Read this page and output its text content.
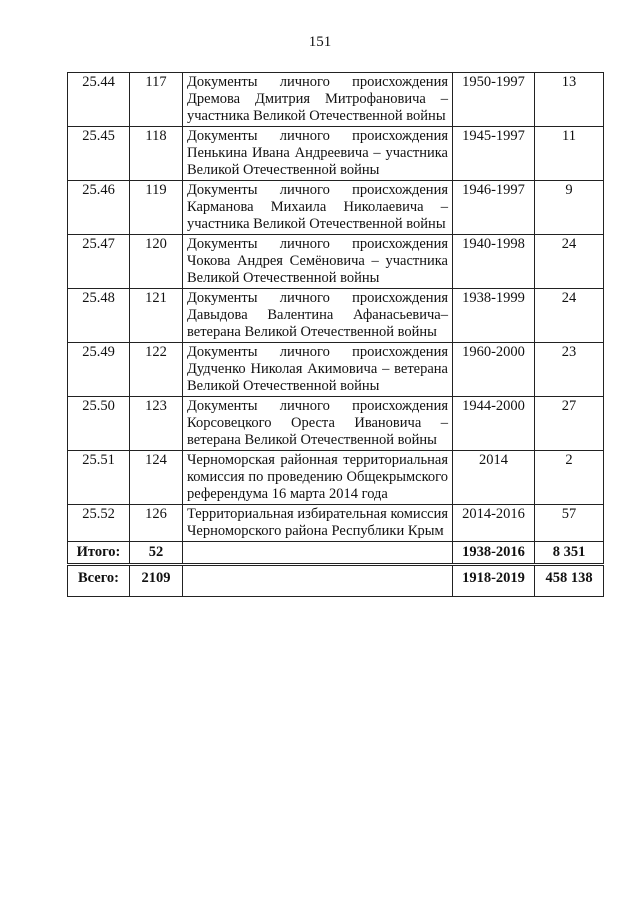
151
25.44	117	Документы личного происхождения Дремова Дмитрия Митрофановича – участника Великой Отечественной войны	1950-1997	13
25.45	118	Документы личного происхождения Пенькина Ивана Андреевича – участника Великой Отечественной войны	1945-1997	11
25.46	119	Документы личного происхождения Карманова Михаила Николаевича – участника Великой Отечественной войны	1946-1997	9
25.47	120	Документы личного происхождения Чокова Андрея Семёновича – участника Великой Отечественной войны	1940-1998	24
25.48	121	Документы личного происхождения Давыдова Валентина Афанасьевича– ветерана Великой Отечественной войны	1938-1999	24
25.49	122	Документы личного происхождения Дудченко Николая Акимовича – ветерана Великой Отечественной войны	1960-2000	23
25.50	123	Документы личного происхождения Корсовецкого Ореста Ивановича – ветерана Великой Отечественной войны	1944-2000	27
25.51	124	Черноморская районная территориальная комиссия по проведению Общекрымского референдума 16 марта 2014 года	2014	2
25.52	126	Территориальная избирательная комиссия Черноморского района Республики Крым	2014-2016	57
Итого:	52		1938-2016	8 351
Всего:	2109		1918-2019	458 138
